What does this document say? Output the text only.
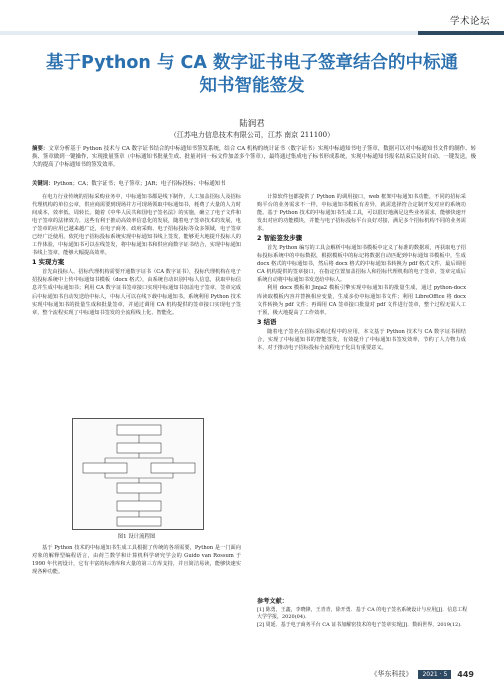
学术论坛
基于Python 与 CA 数字证书电子签章结合的中标通
知书智能签发
陆润君
（江苏电力信息技术有限公司，江苏 南京 211100）
摘要：文章分析基于 Python 技术与 CA 数字证书结合的中标通知书签发系统，结合 CA 机构的统计证书（数字证书）实现中标通知书电子签章，数据可以对中标通知书文件的制作、转换、签章做到一键操作，实现批量签章（中标通知书批量生成、批量对同一标文件加盖多个签章），最终通过集成电子标书形成系统，实现中标通知书报名结束后及时自动、一键发送，极大的提高了中标通知书的签发效率。
关键词：Python；CA；数字证书；电子签章；JAR；电子招标投标；中标通知书

在电力行业传统的招标采购业务中，中标通知书都是线下制作，人工加盖招标人及招标代理机构的单位公章，供应商需要到现场并方可现场领取中标通知书，耗费了大量的人力时间成本，效率低、周转长。随着《中华人民共和国电子签名法》的实施，确立了电子文件和电子签章的法律效力，这些有利于推动高效率信息化的发展，随着电子签章技术的发展，电子签章的应用已越来越广泛，在电子商务、政府采购、电子招标投标等众多领域，电子签章已经广泛使用。依托电子招标投标系统实现中标通知书线上签发，能够更大地提升投标人的工作体验，中标通知书可以在线签发，将中标通知书和供应商数字证书结合，实现中标通知书线上签章，能够大幅提高效率。

1 实现方案

首先由投标人、招标代理机构需要开通数字证书（CA 数字证书），投标代理机构在电子招投标系统中上传中标通知书模板（docx 格式），由系统自动识别中标人信息，获取中标信息并生成中标通知书；利用 CA 数字证书签章接口实现中标通知书加盖电子签章，签章完成后中标通知书自动发送给中标人，中标人可以在线下载中标通知书。系统利用 Python 技术实现中标通知书的批量生成和批量签章，并通过调用 CA 机构提供的签章接口实现电子签章，整个流程实现了中标通知书签发的全流程线上化、智能化。

图1 设计流程图

基于 Python 技术的中标通知书生成工具根据了传统的各项需要，Python 是一门面向对象的解释型编程语言，由荷兰数学和计算机科学研究学会的 Guido van Rossum 于 1990 年代初设计，它有丰富的标准库和大量的第三方库支持，并且简洁易读，能够快速实现各种功能。

计算软件包都提供了 Python 的调用接口，web 框架中标通知书功能，不同的招标采购平台的业务需求不一样，中标通知书模板有差异，就需选择符合定制开发对应的系统功能。基于 Python 技术的中标通知书生成工具，可以很好地满足这些业务需求，能够快速开发出对应的功能模块，并能与电子招标投标平台良好对接，满足多个招标机构不同的业务需求。

2 智能签发步骤

首先 Python 编写的工具会解析中标通知书模板中定义了标准的数据项，再获取电子招标投标系统中的中标数据，根据模板中的标记将数据自动匹配到中标通知书模板中，生成 docx 格式的中标通知书，然后将 docx 格式的中标通知书转换为 pdf 格式文件，最后调用 CA 机构提供的签章接口，在指定位置加盖招标人和招标代理机构的电子签章，签章完成后系统自动将中标通知书发送给中标人。

利用 docx 模板和 Jinja2 模板引擎实现中标通知书的批量生成，通过 python-docx 库读取模板内容并替换相应变量，生成多份中标通知书文件；利用 LibreOffice 将 docx 文件转换为 pdf 文件；再调用 CA 签章接口批量对 pdf 文件进行签章，整个过程无需人工干预，极大地提高了工作效率。

3 结语

随着电子签名在招标采购过程中的应用，本文基于 Python 技术与 CA 数字证书相结合，实现了中标通知书的智能签发，有效提升了中标通知书签发效率，节约了人力物力成本，对于推动电子招标投标全流程电子化具有重要意义。

参考文献：
[1] 陈勇，王鑫，李晓锋，王青青，徐开勇．基于 CA 的电子签名系统设计与应用[J]．信息工程大学学报，2020(04)．
[2] 周延．基于电子商务平台 CA 证书加解密技术的电子签章实现[J]．数码世界，2019(12)．
《华东科技》	2021 · 5	449
